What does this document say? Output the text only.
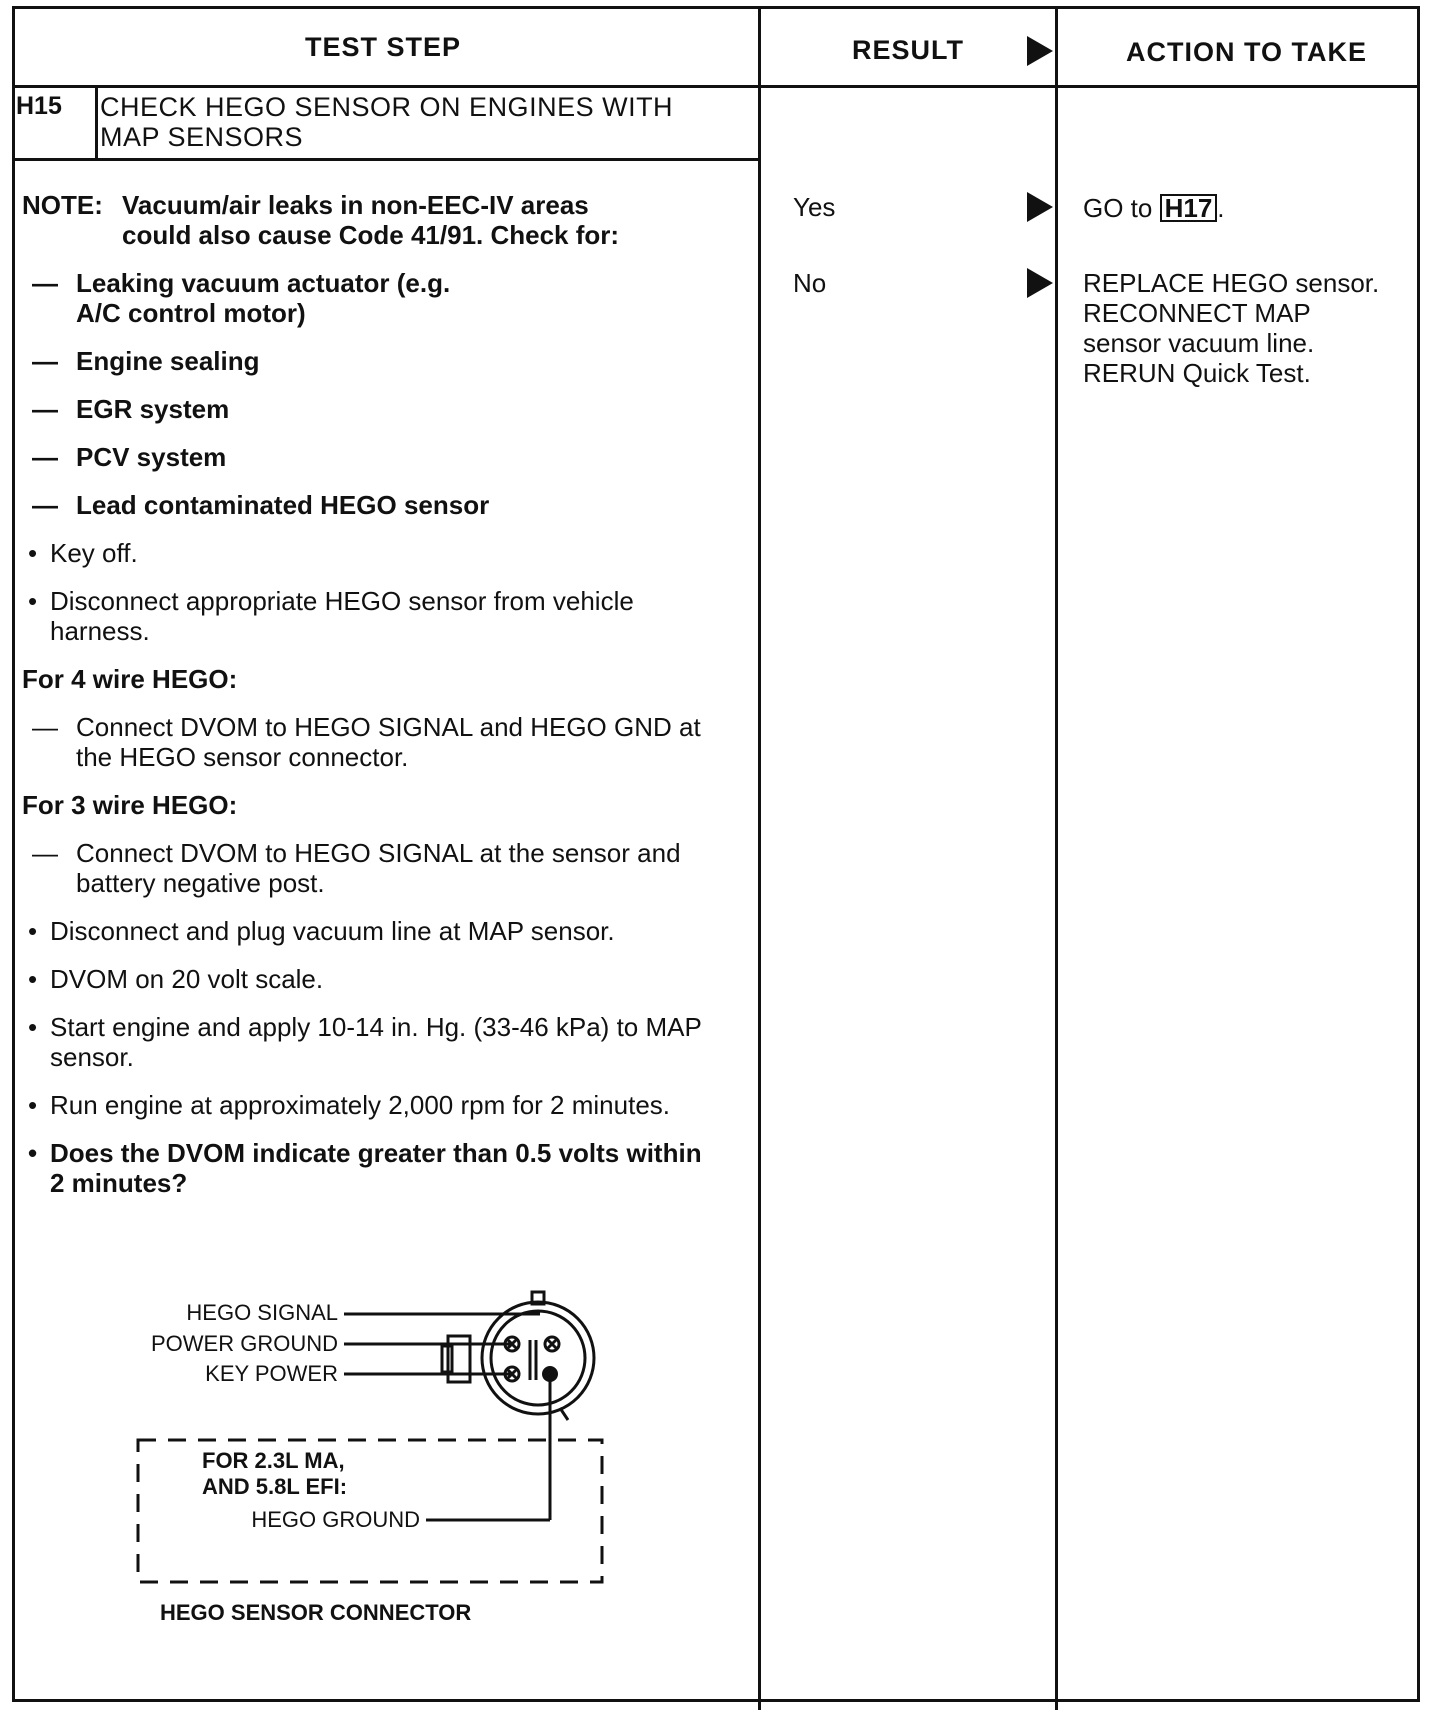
TEST STEP	RESULT	ACTION TO TAKE
H15 CHECK HEGO SENSOR ON ENGINES WITH
MAP SENSORS
NOTE: Vacuum/air leaks in non-EEC-IV areas
could also cause Code 41/91. Check for:
— Leaking vacuum actuator (e.g. A/C control motor)
— Engine sealing
— EGR system
— PCV system
— Lead contaminated HEGO sensor
• Key off.
• Disconnect appropriate HEGO sensor from vehicle harness.
For 4 wire HEGO:
— Connect DVOM to HEGO SIGNAL and HEGO GND at the HEGO sensor connector.
For 3 wire HEGO:
— Connect DVOM to HEGO SIGNAL at the sensor and battery negative post.
• Disconnect and plug vacuum line at MAP sensor.
• DVOM on 20 volt scale.
• Start engine and apply 10-14 in. Hg. (33-46 kPa) to MAP sensor.
• Run engine at approximately 2,000 rpm for 2 minutes.
• Does the DVOM indicate greater than 0.5 volts within 2 minutes?
HEGO SIGNAL
POWER GROUND
KEY POWER
FOR 2.3L MA,
AND 5.8L EFI:
HEGO GROUND
HEGO SENSOR CONNECTOR
Yes
No
GO to H17 .
REPLACE HEGO sensor. RECONNECT MAP sensor vacuum line. RERUN Quick Test.
